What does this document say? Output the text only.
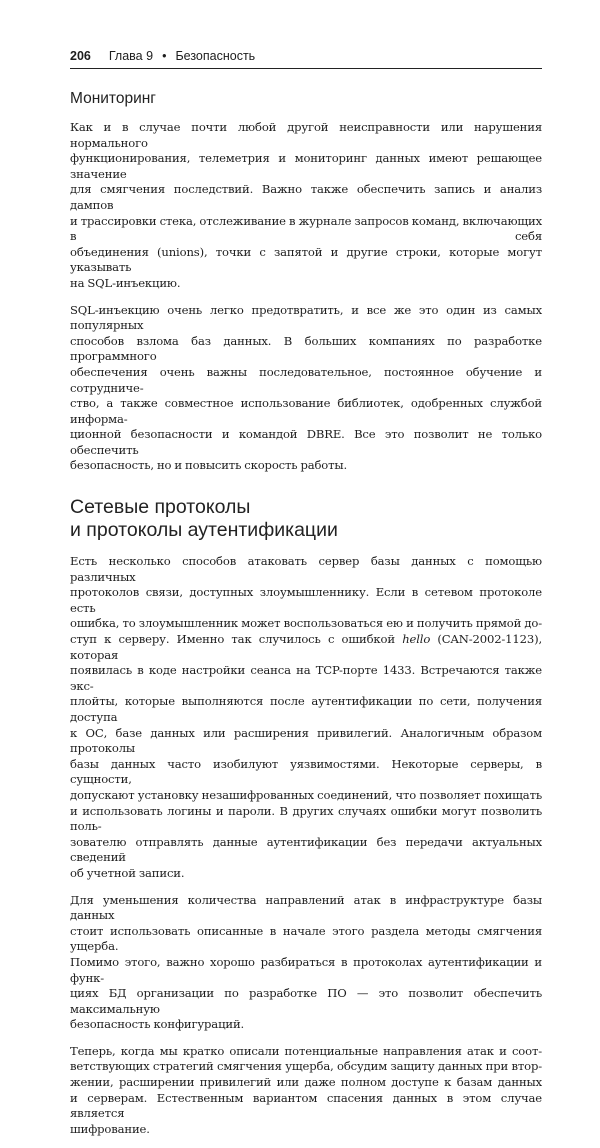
206 Глава 9 • Безопасность
Мониторинг

Как и в случае почти любой другой неисправности или нарушения нормального
функционирования, телеметрия и мониторинг данных имеют решающее значение
для смягчения последствий. Важно также обеспечить запись и анализ дампов
и трассировки стека, отслеживание в журнале запросов команд, включающих в себя
объединения (unions), точки с запятой и другие строки, которые могут указывать
на SQL-инъекцию.

SQL-инъекцию очень легко предотвратить, и все же это один из самых популярных
способов взлома баз данных. В больших компаниях по разработке программного
обеспечения очень важны последовательное, постоянное обучение и сотрудниче-
ство, а также совместное использование библиотек, одобренных службой информа-
ционной безопасности и командой DBRE. Все это позволит не только обеспечить
безопасность, но и повысить скорость работы.

Сетевые протоколы
и протоколы аутентификации

Есть несколько способов атаковать сервер базы данных с помощью различных
протоколов связи, доступных злоумышленнику. Если в сетевом протоколе есть
ошибка, то злоумышленник может воспользоваться ею и получить прямой до-
ступ к серверу. Именно так случилось с ошибкой hello (CAN-2002-1123), которая
появилась в коде настройки сеанса на TCP-порте 1433. Встречаются также экс-
плойты, которые выполняются после аутентификации по сети, получения доступа
к ОС, базе данных или расширения привилегий. Аналогичным образом протоколы
базы данных часто изобилуют уязвимостями. Некоторые серверы, в сущности,
допускают установку незашифрованных соединений, что позволяет похищать
и использовать логины и пароли. В других случаях ошибки могут позволить поль-
зователю отправлять данные аутентификации без передачи актуальных сведений
об учетной записи.

Для уменьшения количества направлений атак в инфраструктуре базы данных
стоит использовать описанные в начале этого раздела методы смягчения ущерба.
Помимо этого, важно хорошо разбираться в протоколах аутентификации и функ-
циях БД организации по разработке ПО — это позволит обеспечить максимальную
безопасность конфигураций.

Теперь, когда мы кратко описали потенциальные направления атак и соот-
ветствующих стратегий смягчения ущерба, обсудим защиту данных при втор-
жении, расширении привилегий или даже полном доступе к базам данных
и серверам. Естественным вариантом спасения данных в этом случае является
шифрование.
